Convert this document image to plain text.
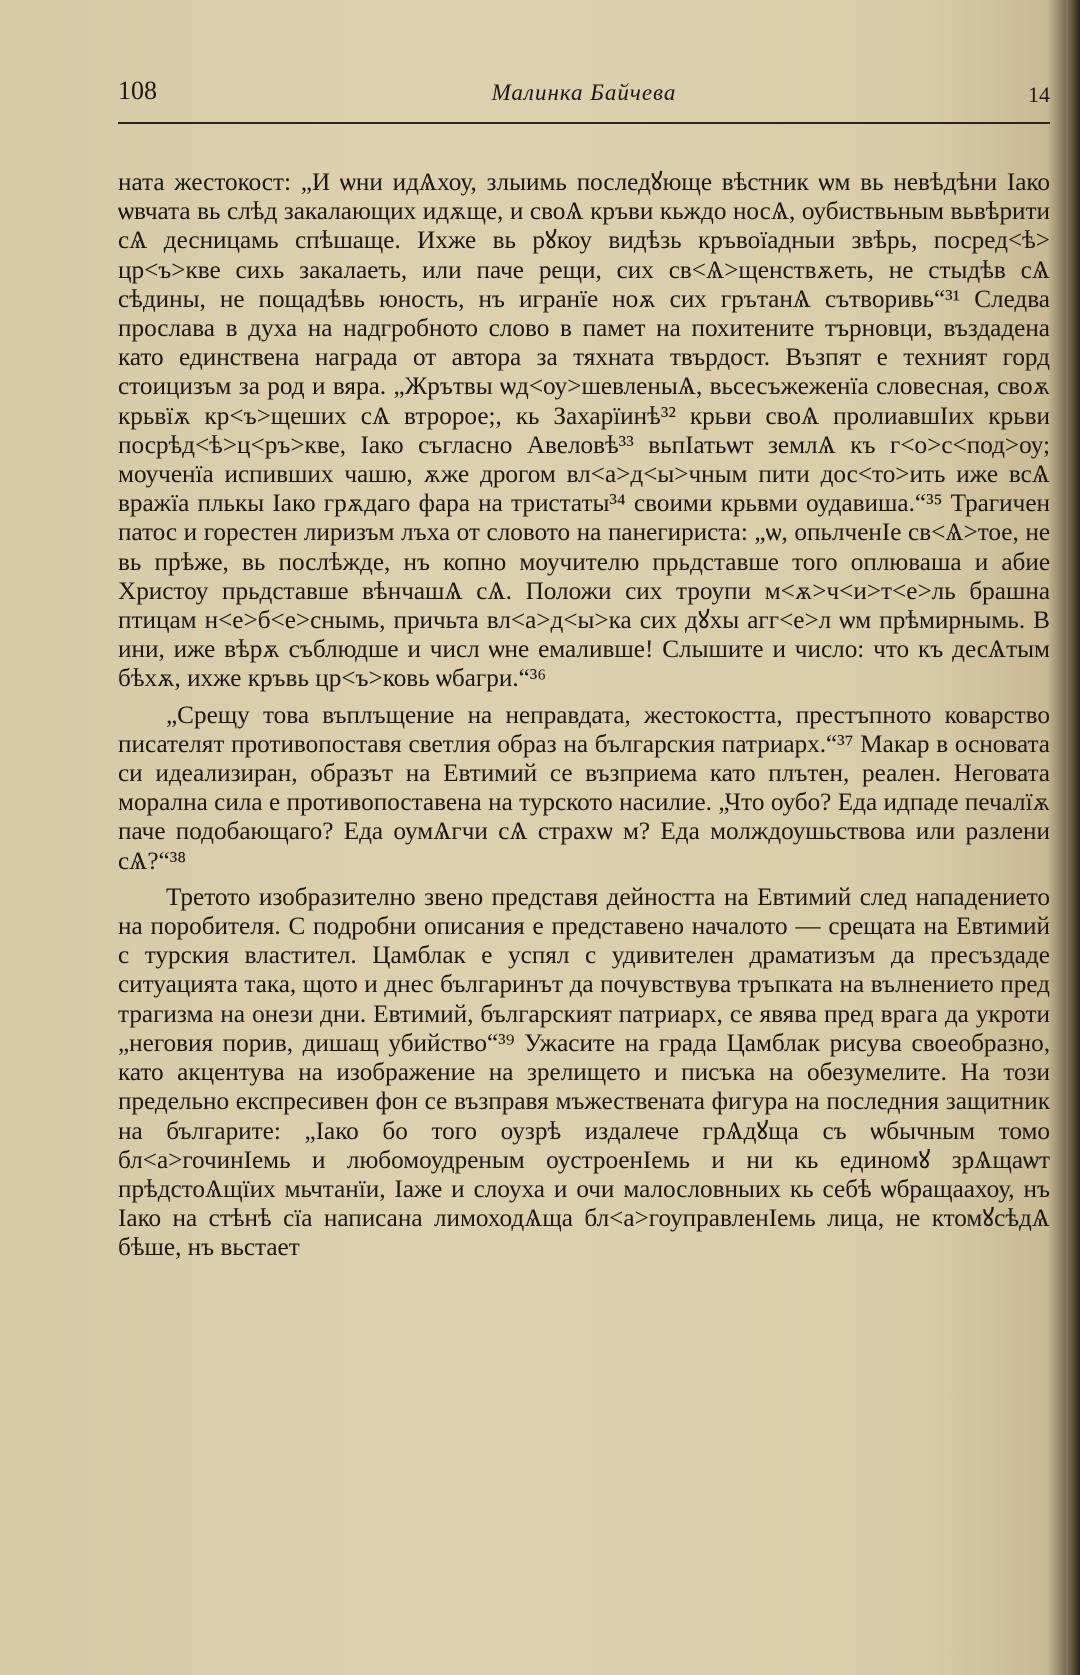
108	Малинка Байчева	14

ната жестокост: „И ѡни идѦхоу, злыимь последꙋюще вѣстник ѡм вь невѣдѣни Іако ѡвчата вь слѣд закалающих идѫще, и своѦ кръви кьждо носѦ, оубиствьным вьвѣрити сѦ десницамь спѣшаще. Ихже вь рꙋкоу видѣзь кръвоїадныи звѣрь, посред<ѣ> цр<ъ>кве сихь закалаеть, или паче рещи, сих св<Ѧ>щенствѫеть, не стыдѣв сѦ сѣдины, не пощадѣвь юность, нъ игранїе ноѫ сих грътанѦ сътворивь“³¹ Следва прослава в духа на надгробното слово в памет на похитените търновци, въздадена като единствена награда от автора за тяхната твърдост. Възпят е техният горд стоицизъм за род и вяра. „Жрътвы ѡд<оу>шевленыѦ, вьсесъжеженїа словесная, своѫ крьвїѫ кр<ъ>щеших сѦ втророе;, кь Захарїинѣ³² крьви своѦ пролиавшІих крьви посрѣд<ѣ>ц<ръ>кве, Іако съгласно Авеловѣ³³ вьпІатьѡт землѦ къ г<о>с<под>оу; моученїа испивших чашю, ѫже дрогом вл<а>д<ы>чным пити дос<то>ить иже всѦ вражїа плькы Іако грѫдаго фара на тристаты³⁴ своими крьвми оудавиша.“³⁵ Трагичен патос и горестен лиризъм лъха от словото на панегириста: „ѡ, опьлченІе св<Ѧ>тое, не вь прѣже, вь послѣжде, нъ копно моучителю прьдставше того оплюваша и абие Христоу прьдставше вѣнчашѦ сѦ. Положи сих троупи м<ѫ>ч<и>т<е>ль брашна птицам н<е>б<е>снымь, причьта вл<а>д<ы>ка сих дꙋхы агг<е>л ѡм прѣмирнымь. В ини, иже вѣрѫ съблюдше и числ ѡне емаливше! Слышите и число: что къ десѦтым бѣхѫ, ихже кръвь цр<ъ>ковь ѡбагри.“³⁶

„Срещу това въплъщение на неправдата, жестокостта, престъпното коварство писателят противопоставя светлия образ на българския патриарх.“³⁷ Макар в основата си идеализиран, образът на Евтимий се възприема като плътен, реален. Неговата морална сила е противопоставена на турското насилие. „Что оубо? Еда идпаде печалїѫ паче подобающаго? Еда оумѦгчи сѦ страхѡ м? Еда молждоушьствова или разлени сѦ?“³⁸

Третото изобразително звено представя дейността на Евтимий след нападението на поробителя. С подробни описания е представено началото — срещата на Евтимий с турския властител. Цамблак е успял с удивителен драматизъм да пресъздаде ситуацията така, щото и днес българинът да почувствува тръпката на вълнението пред трагизма на онези дни. Евтимий, българският патриарх, се явява пред врага да укроти „неговия порив, дишащ убийство“³⁹ Ужасите на града Цамблак рисува своеобразно, като акцентува на изображение на зрелището и писъка на обезумелите. На този предельно експресивен фон се възправя мъжествената фигура на последния защитник на българите: „Іако бо того оузрѣ издалече грѦдꙋща съ ѡбычным томо бл<а>гочинІемь и любомоудреным оустроенІемь и ни кь единомꙋ зрѦщаѡт прѣдстоѦщїих мьчтанїи, Іаже и слоуха и очи малословныих кь себѣ ѡбращаахоу, нъ Іако на стѣнѣ сїа написана лимоходѦща бл<а>гоуправленІемь лица, не ктомꙋсѣдѦ бѣше, нъ вьстает
